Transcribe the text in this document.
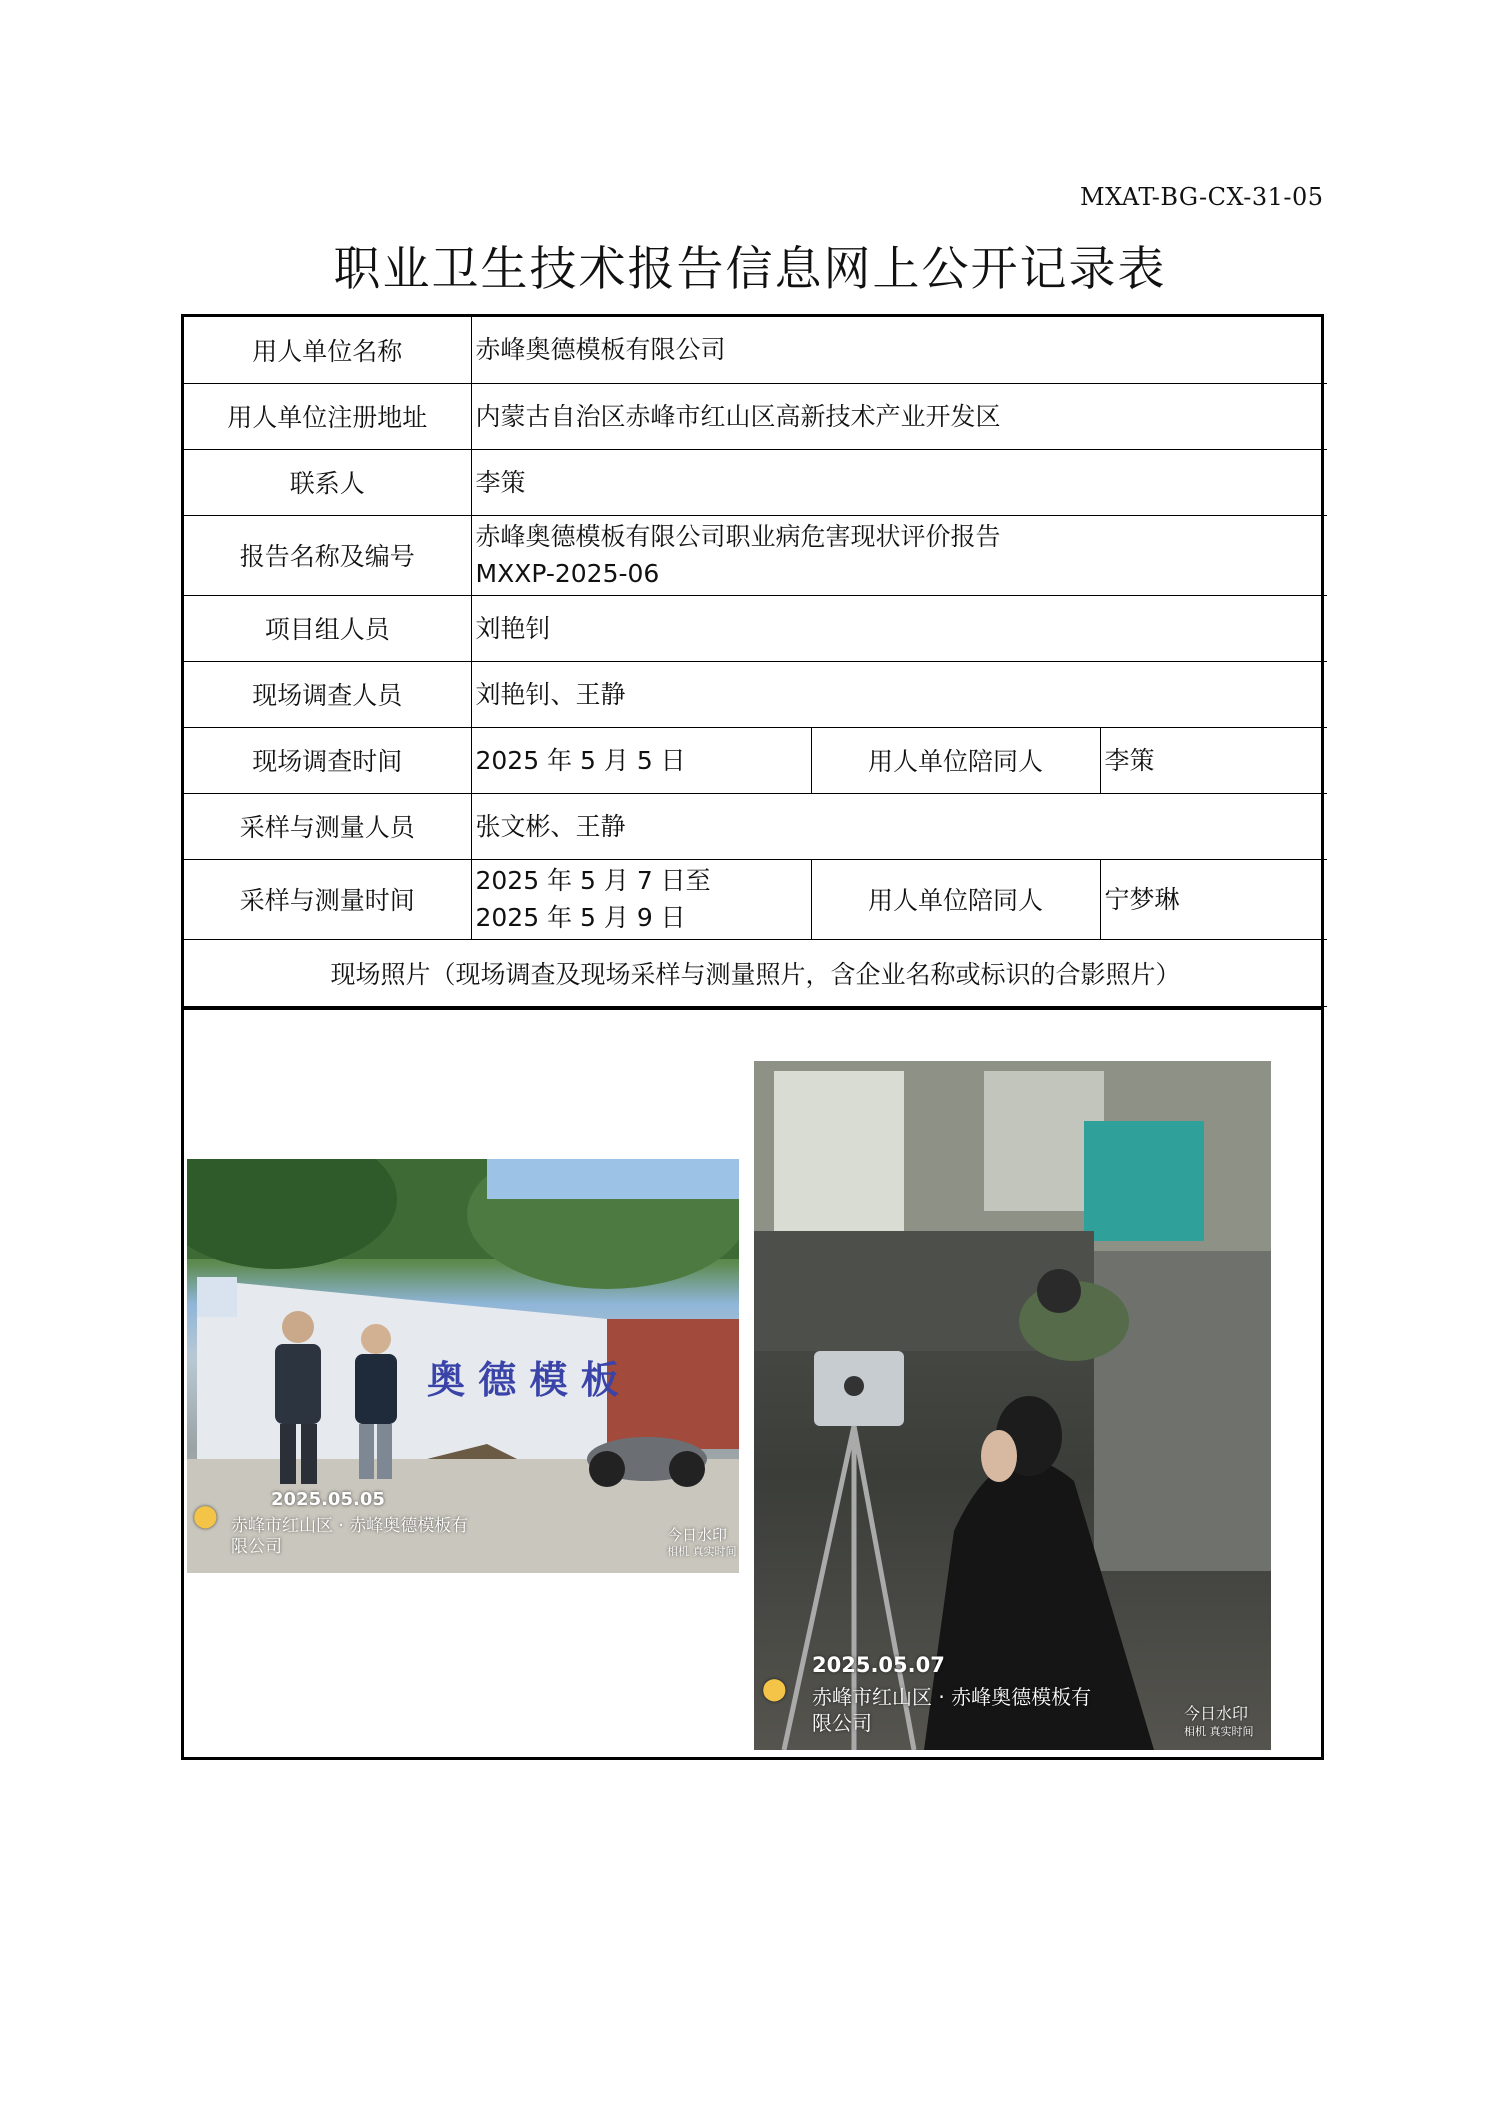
MXAT-BG-CX-31-05
职业卫生技术报告信息网上公开记录表
用人单位名称	赤峰奥德模板有限公司		
用人单位注册地址	内蒙古自治区赤峰市红山区高新技术产业开发区		
联系人	李策		
报告名称及编号	赤峰奥德模板有限公司职业病危害现状评价报告
MXXP-2025-06		

项目组人员	刘艳钊		
现场调查人员	刘艳钊、王静		
现场调查时间	2025 年 5 月 5 日	用人单位陪同人	李策
采样与测量人员	张文彬、王静		
采样与测量时间	2025 年 5 月 7 日至
2025 年 5 月 9 日	用人单位陪同人	宁梦琳
现场照片（现场调查及现场采样与测量照片，含企业名称或标识的合影照片）			
奥 德 模 板
⬤
2025.05.05
赤峰市红山区 · 赤峰奥德模板有
限公司
今日水印
相机 真实时间
⬤
2025.05.07
赤峰市红山区 · 赤峰奥德模板有
限公司	今日水印
相机 真实时间
